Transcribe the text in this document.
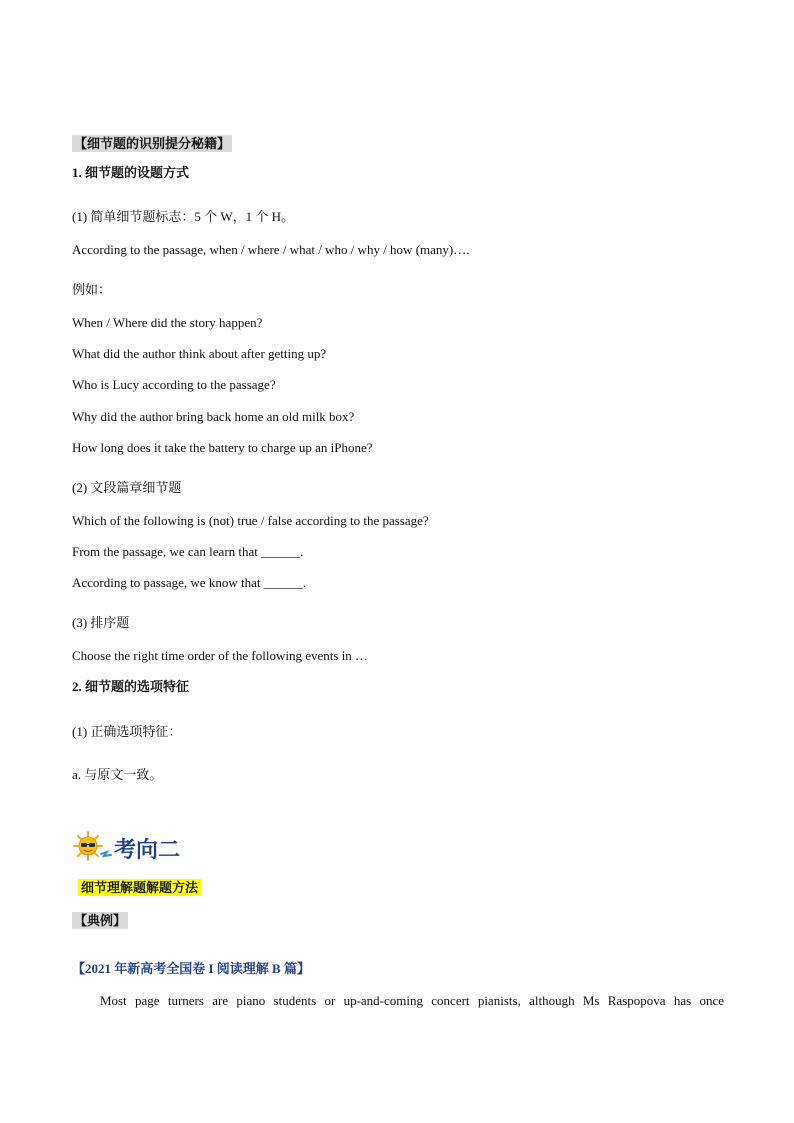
【细节题的识别提分秘籍】
1. 细节题的设题方式
(1) 简单细节题标志：5 个 W，1 个 H。
According to the passage, when / where / what / who / why / how (many)….
例如：
When / Where did the story happen?
What did the author think about after getting up?
Who is Lucy according to the passage?
Why did the author bring back home an old milk box?
How long does it take the battery to charge up an iPhone?
(2) 文段篇章细节题
Which of the following is (not) true / false according to the passage?
From the passage, we can learn that ______.
According to passage, we know that ______.
(3) 排序题
Choose the right time order of the following events in …
2. 细节题的选项特征
(1) 正确选项特征：
a. 与原文一致。
考向二
细节理解题解题方法
【典例】
【2021 年新高考全国卷 I 阅读理解 B 篇】
Most page turners are piano students or up-and-coming concert pianists, although Ms Raspopova has once
